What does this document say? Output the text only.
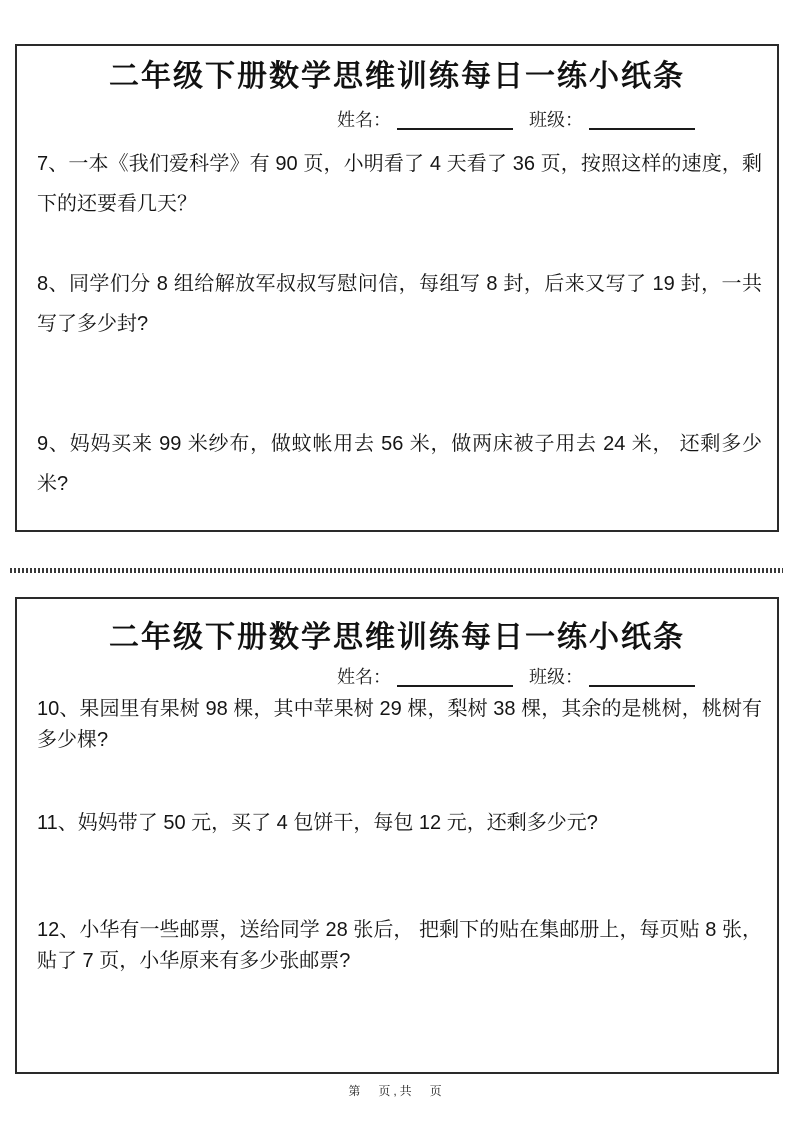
二年级下册数学思维训练每日一练小纸条
姓名：	班级：

7、一本《我们爱科学》有 90 页，小明看了 4 天看了 36 页，按照这样的速度，剩下的还要看几天？

8、同学们分 8 组给解放军叔叔写慰问信，每组写 8 封，后来又写了 19 封，一共写了多少封?

9、妈妈买来 99 米纱布，做蚊帐用去 56 米，做两床被子用去 24 米， 还剩多少米?

二年级下册数学思维训练每日一练小纸条
姓名：	班级：

10、果园里有果树 98 棵，其中苹果树 29 棵，梨树 38 棵，其余的是桃树，桃树有多少棵?

11、妈妈带了 50 元，买了 4 包饼干，每包 12 元，还剩多少元?

12、小华有一些邮票，送给同学 28 张后， 把剩下的贴在集邮册上，每页贴 8 张，贴了 7 页，小华原来有多少张邮票?

第　页,共　页
